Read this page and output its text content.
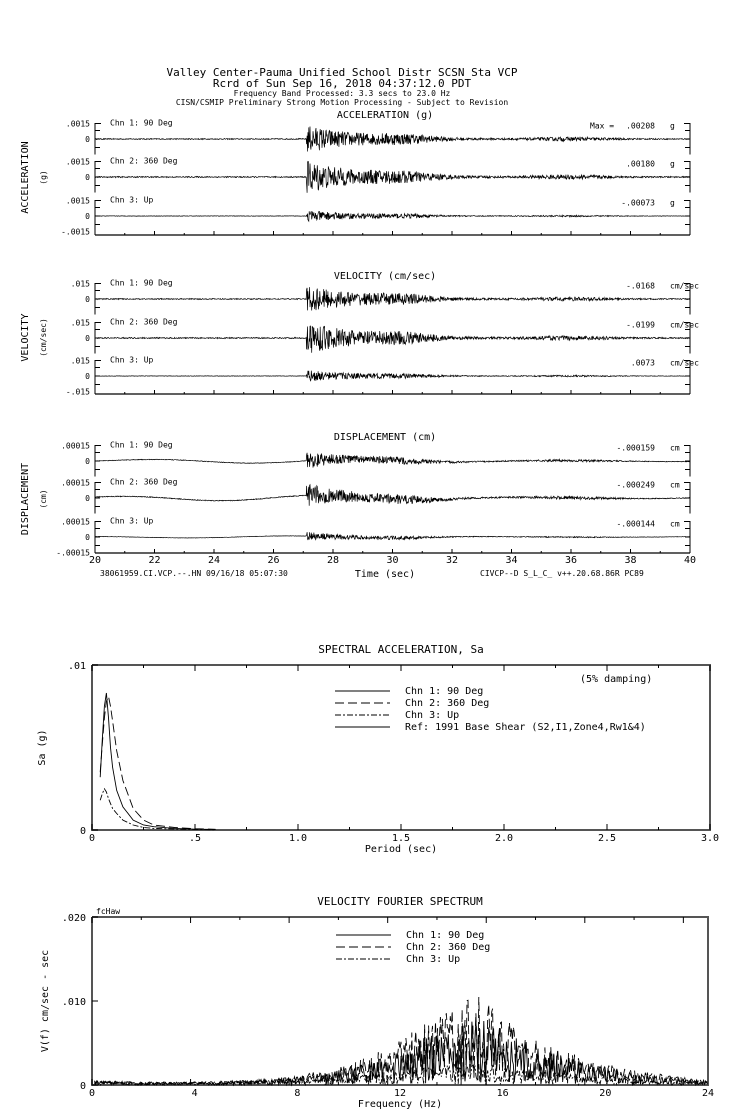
Valley Center-Pauma Unified School Distr SCSN Sta VCP
Rcrd of Sun Sep 16, 2018 04:37:12.0 PDT
Frequency Band Processed: 3.3 secs to 23.0 Hz
CISN/CSMIP Preliminary Strong Motion Processing - Subject to Revision
38061959.CI.VCP.--.HN 09/16/18 05:07:30	Time (sec)	CIVCP--D S_L_C_ v++.20.68.86R PC89
ACCELERATION (g)
ACCELERATION (g)
.0015
0
Chn 1: 90 Deg	Max = .00208 g
.0015
0
Chn 2: 360 Deg	.00180 g
.0015
0
-.0015
Chn 3: Up	-.00073 g
VELOCITY (cm/sec)
VELOCITY (cm/sec)
.015
0
Chn 1: 90 Deg	-.0168 cm/sec
.015
0
Chn 2: 360 Deg	-.0199 cm/sec
.015
0
-.015
Chn 3: Up	.0073 cm/sec
DISPLACEMENT (cm)
DISPLACEMENT (cm)
.00015
0
Chn 1: 90 Deg	-.000159 cm
.00015
0
Chn 2: 360 Deg	-.000249 cm
.00015
0
-.00015
Chn 3: Up	-.000144 cm
20	22	24	26	28	30	32	34	36	38	40
SPECTRAL ACCELERATION, Sa
Period (sec)
Sa (g)
0	.5	1.0	1.5	2.0	2.5	3.0
.01
0
Chn 1: 90 Deg
Chn 2: 360 Deg
Chn 3: Up
Ref: 1991 Base Shear (S2,I1,Zone4,Rw1&4)
(5% damping)
VELOCITY FOURIER SPECTRUM
Frequency (Hz)
V(f) cm/sec - sec
0	4	8	12	16	20	24
.020
.010
0
Chn 1: 90 Deg
Chn 2: 360 Deg
Chn 3: Up
fcHaw
